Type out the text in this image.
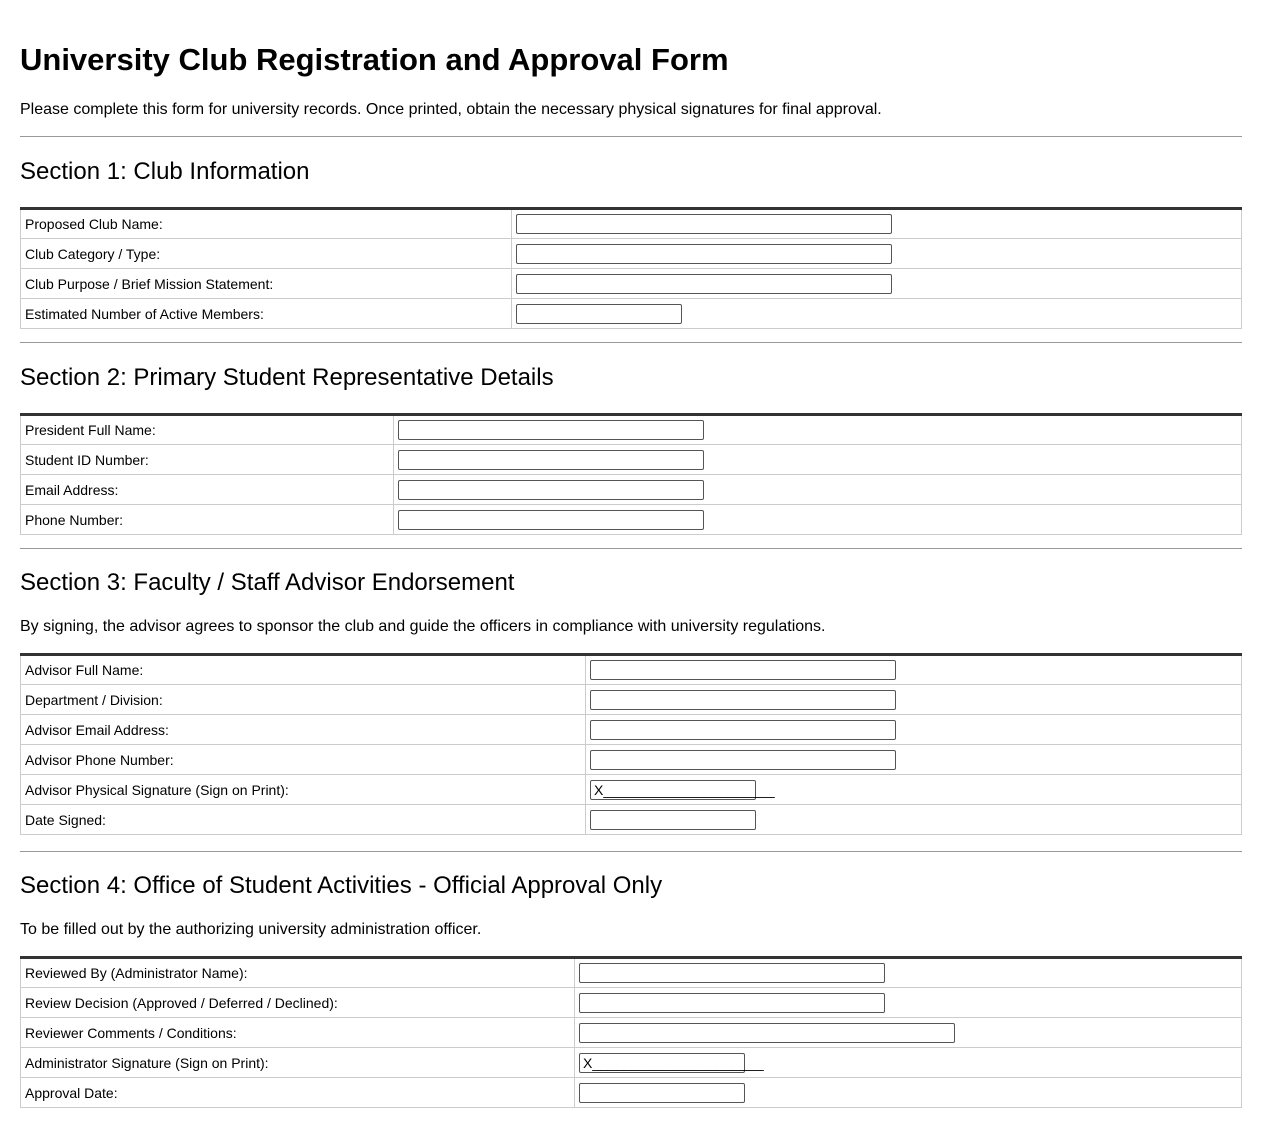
University Club Registration and Approval Form
Please complete this form for university records. Once printed, obtain the necessary physical signatures for final approval.
Section 1: Club Information
Proposed Club Name:	

Club Category / Type:	

Club Purpose / Brief Mission Statement:	

Estimated Number of Active Members:	
Section 2: Primary Student Representative Details
President Full Name:	

Student ID Number:	

Email Address:	

Phone Number:	
Section 3: Faculty / Staff Advisor Endorsement
By signing, the advisor agrees to sponsor the club and guide the officers in compliance with university regulations.
Advisor Full Name:	

Department / Division:	

Advisor Email Address:	

Advisor Phone Number:	

Advisor Physical Signature (Sign on Print):	X______________________

Date Signed:	
Section 4: Office of Student Activities - Official Approval Only
To be filled out by the authorizing university administration officer.
Reviewed By (Administrator Name):	

Review Decision (Approved / Deferred / Declined):	

Reviewer Comments / Conditions:	

Administrator Signature (Sign on Print):	X______________________

Approval Date:	
